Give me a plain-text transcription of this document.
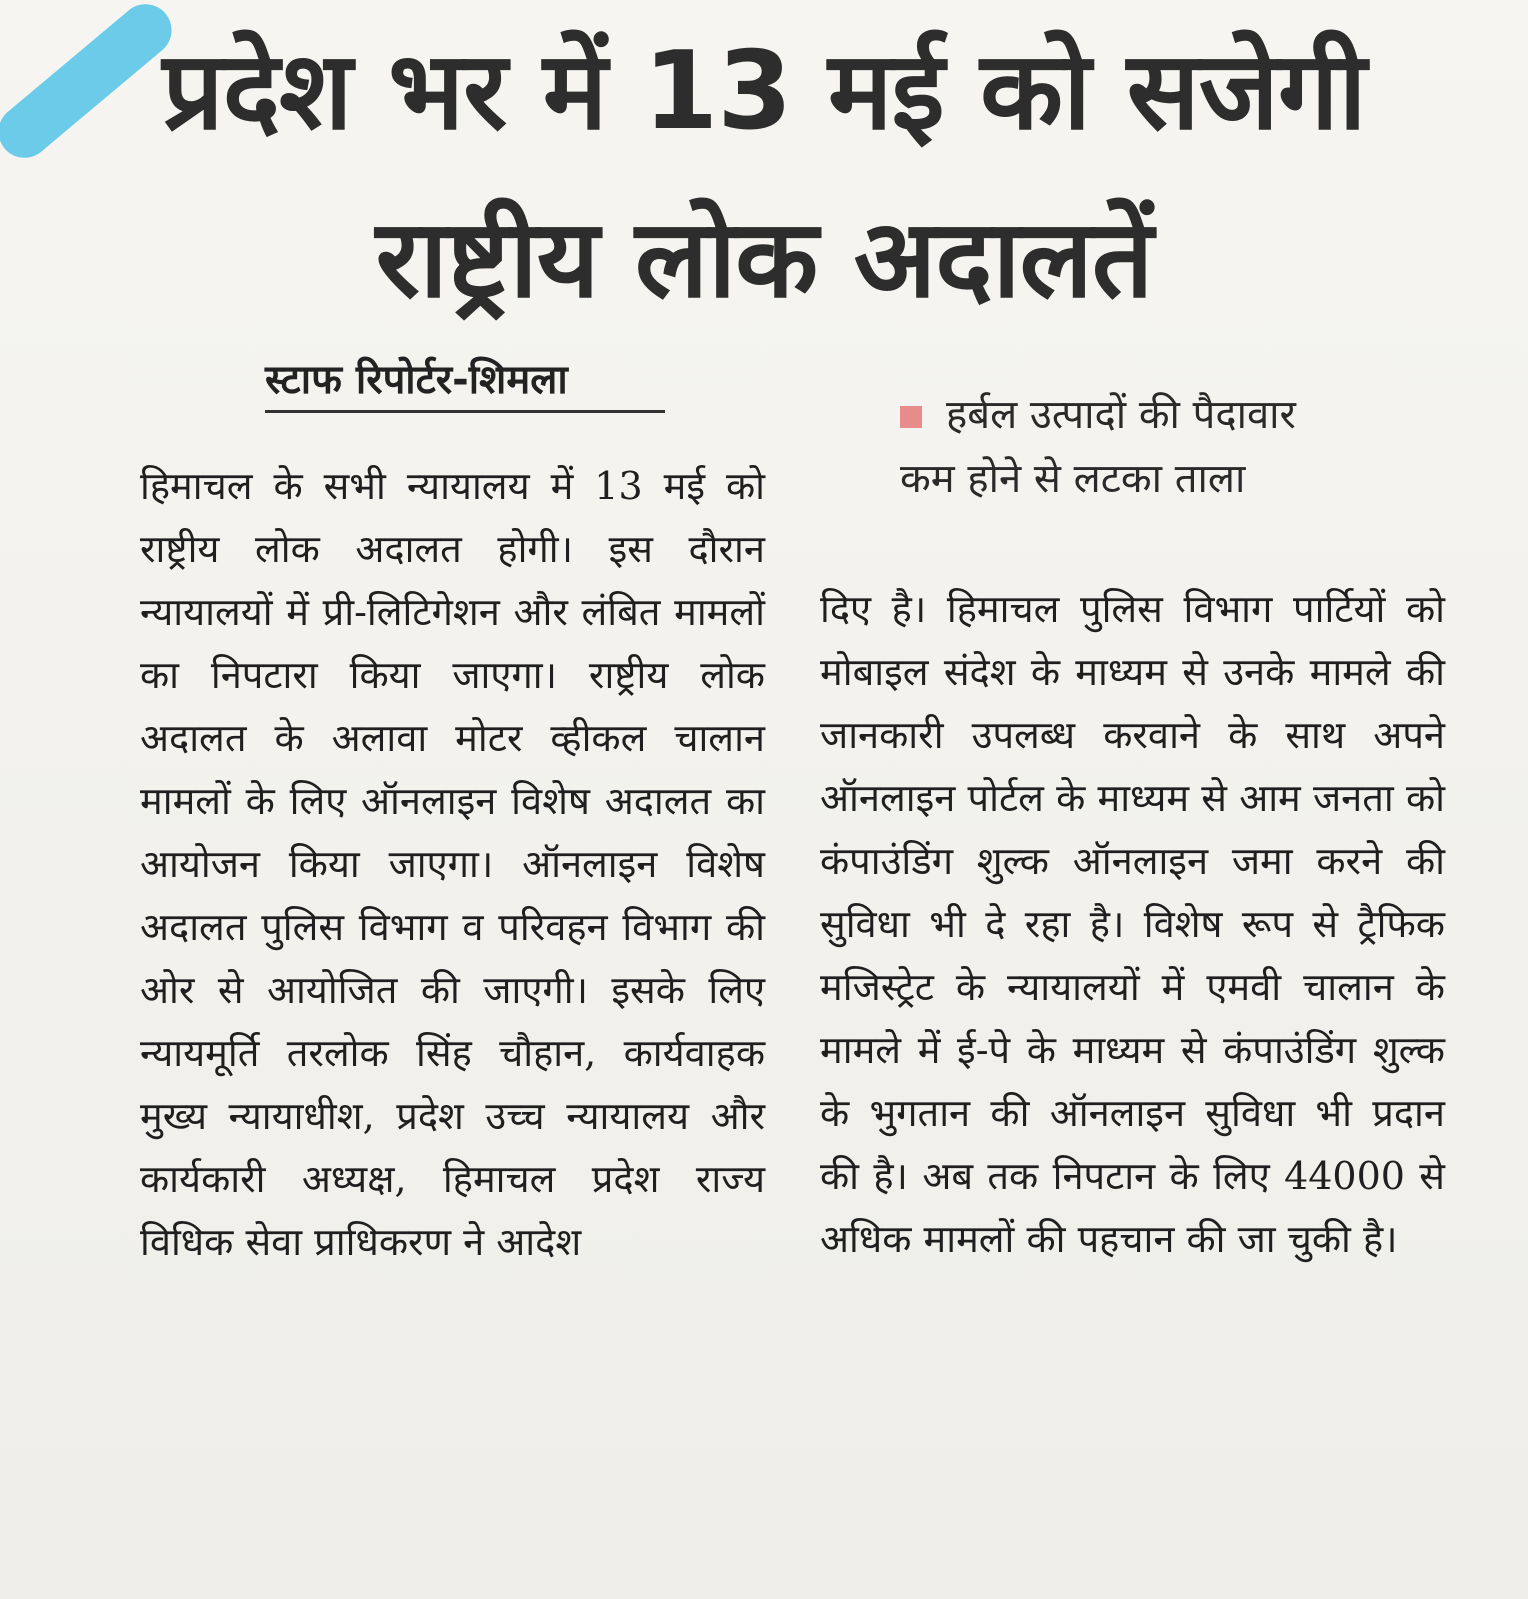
प्रदेश भर में 13 मई को सजेगी
राष्ट्रीय लोक अदालतें
स्टाफ रिपोर्टर-शिमला
हर्बल उत्पादों की पैदावार
कम होने से लटका ताला

हिमाचल के सभी न्यायालय में 13 मई को राष्ट्रीय लोक अदालत होगी। इस दौरान न्यायालयों में प्री-लिटिगेशन और लंबित मामलों का निपटारा किया जाएगा। राष्ट्रीय लोक अदालत के अलावा मोटर व्हीकल चालान मामलों के लिए ऑनलाइन विशेष अदालत का आयोजन किया जाएगा। ऑनलाइन विशेष अदालत पुलिस विभाग व परिवहन विभाग की ओर से आयोजित की जाएगी। इसके लिए न्यायमूर्ति तरलोक सिंह चौहान, कार्यवाहक मुख्य न्यायाधीश, प्रदेश उच्च न्यायालय और कार्यकारी अध्यक्ष, हिमाचल प्रदेश राज्य विधिक सेवा प्राधिकरण ने आदेश

दिए है। हिमाचल पुलिस विभाग पार्टियों को मोबाइल संदेश के माध्यम से उनके मामले की जानकारी उपलब्ध करवाने के साथ अपने ऑनलाइन पोर्टल के माध्यम से आम जनता को कंपाउंडिंग शुल्क ऑनलाइन जमा करने की सुविधा भी दे रहा है। विशेष रूप से ट्रैफिक मजिस्ट्रेट के न्यायालयों में एमवी चालान के मामले में ई-पे के माध्यम से कंपाउंडिंग शुल्क के भुगतान की ऑनलाइन सुविधा भी प्रदान की है। अब तक निपटान के लिए 44000 से अधिक मामलों की पहचान की जा चुकी है।
